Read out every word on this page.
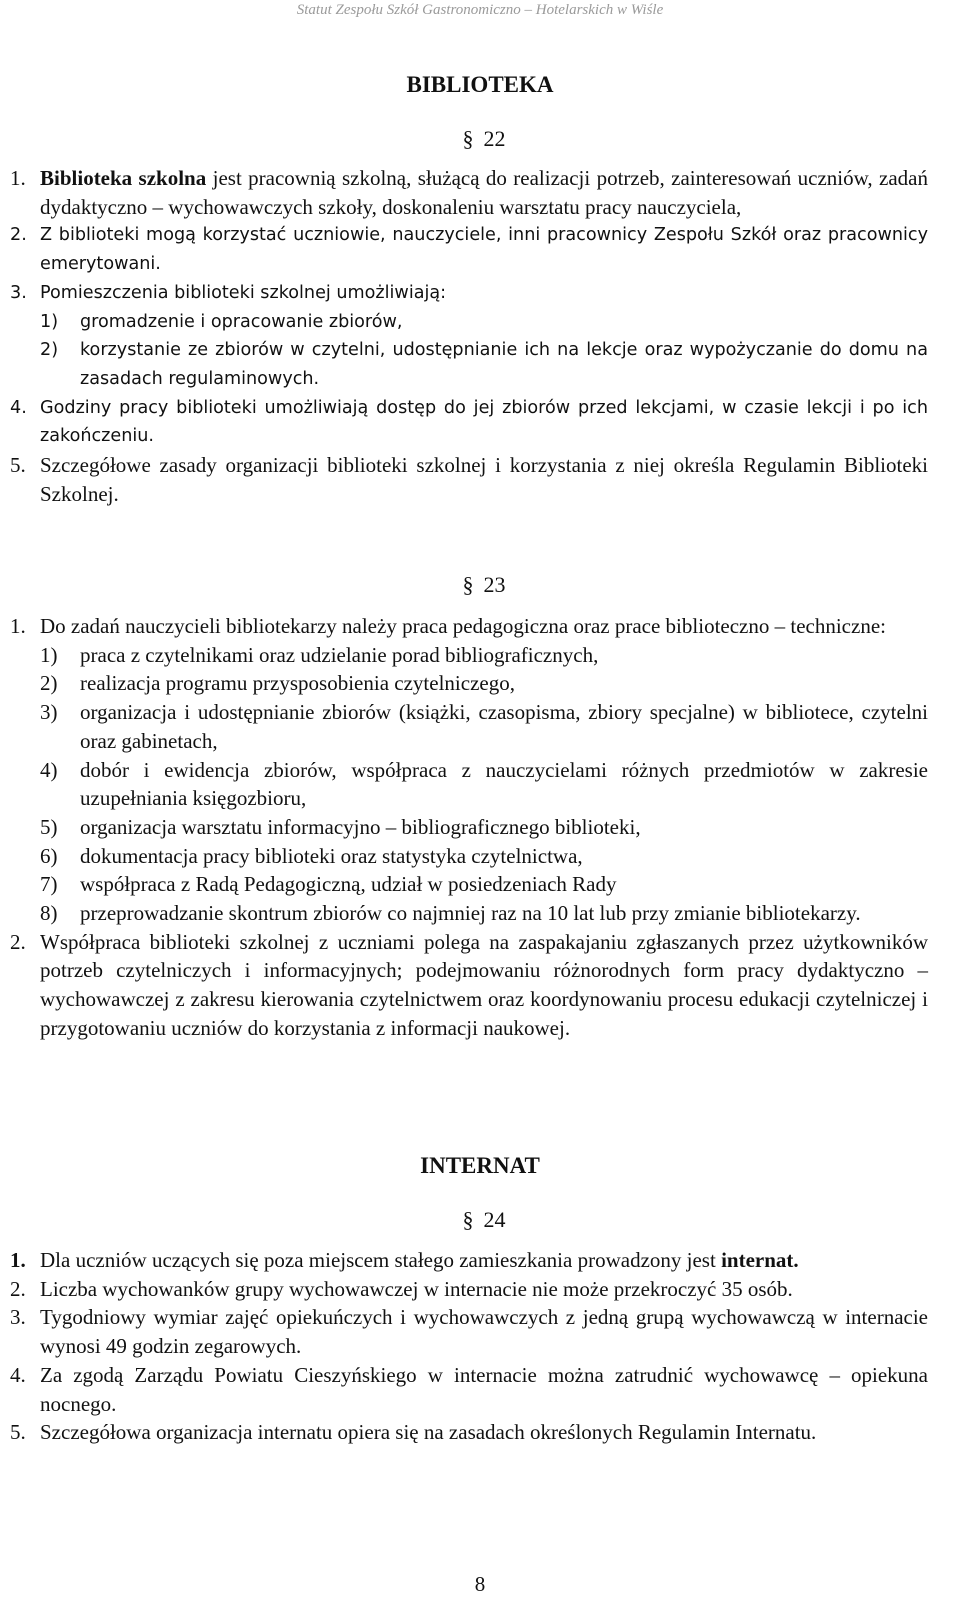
Statut Zespołu Szkół Gastronomiczno – Hotelarskich w Wiśle
BIBLIOTEKA
§ 22
1. Biblioteka szkolna jest pracownią szkolną, służącą do realizacji potrzeb, zainteresowań uczniów, zadań dydaktyczno – wychowawczych szkoły, doskonaleniu warsztatu pracy nauczyciela,
2. Z biblioteki mogą korzystać uczniowie, nauczyciele, inni pracownicy Zespołu Szkół oraz pracownicy emerytowani.
3. Pomieszczenia biblioteki szkolnej umożliwiają:
1) gromadzenie i opracowanie zbiorów,
2) korzystanie ze zbiorów w czytelni, udostępnianie ich na lekcje oraz wypożyczanie do domu na zasadach regulaminowych.
4. Godziny pracy biblioteki umożliwiają dostęp do jej zbiorów przed lekcjami, w czasie lekcji i po ich zakończeniu.
5. Szczegółowe zasady organizacji biblioteki szkolnej i korzystania z niej określa Regulamin Biblioteki Szkolnej.
§ 23
1. Do zadań nauczycieli bibliotekarzy należy praca pedagogiczna oraz prace biblioteczno – techniczne:
1) praca z czytelnikami oraz udzielanie porad bibliograficznych,
2) realizacja programu przysposobienia czytelniczego,
3) organizacja i udostępnianie zbiorów (książki, czasopisma, zbiory specjalne) w bibliotece, czytelni oraz gabinetach,
4) dobór i ewidencja zbiorów, współpraca z nauczycielami różnych przedmiotów w zakresie uzupełniania księgozbioru,
5) organizacja warsztatu informacyjno – bibliograficznego biblioteki,
6) dokumentacja pracy biblioteki oraz statystyka czytelnictwa,
7) współpraca z Radą Pedagogiczną, udział w posiedzeniach Rady
8) przeprowadzanie skontrum zbiorów co najmniej raz na 10 lat lub przy zmianie bibliotekarzy.
2. Współpraca biblioteki szkolnej z uczniami polega na zaspakajaniu zgłaszanych przez użytkowników potrzeb czytelniczych i informacyjnych; podejmowaniu różnorodnych form pracy dydaktyczno – wychowawczej z zakresu kierowania czytelnictwem oraz koordynowaniu procesu edukacji czytelniczej i przygotowaniu uczniów do korzystania z informacji naukowej.
INTERNAT
§ 24
1. Dla uczniów uczących się poza miejscem stałego zamieszkania prowadzony jest internat.
2. Liczba wychowanków grupy wychowawczej w internacie nie może przekroczyć 35 osób.
3. Tygodniowy wymiar zajęć opiekuńczych i wychowawczych z jedną grupą wychowawczą w internacie wynosi 49 godzin zegarowych.
4. Za zgodą Zarządu Powiatu Cieszyńskiego w internacie można zatrudnić wychowawcę – opiekuna nocnego.
5. Szczegółowa organizacja internatu opiera się na zasadach określonych Regulamin Internatu.
8
